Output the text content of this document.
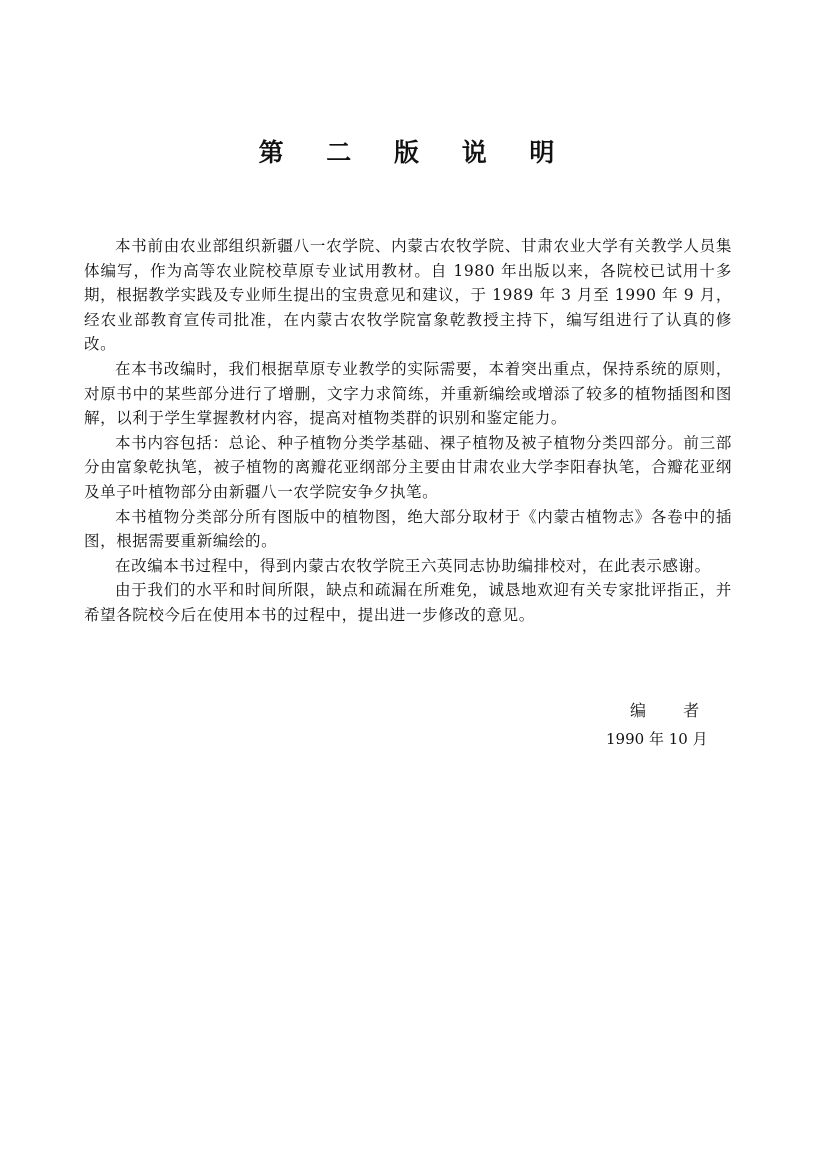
第 二 版 说 明

本书前由农业部组织新疆八一农学院、内蒙古农牧学院、甘肃农业大学有关教学人员集体编写，作为高等农业院校草原专业试用教材。自 1980 年出版以来，各院校已试用十多期，根据教学实践及专业师生提出的宝贵意见和建议，于 1989 年 3 月至 1990 年 9 月，经农业部教育宣传司批准，在内蒙古农牧学院富象乾教授主持下，编写组进行了认真的修改。

在本书改编时，我们根据草原专业教学的实际需要，本着突出重点，保持系统的原则，对原书中的某些部分进行了增删，文字力求简练，并重新编绘或增添了较多的植物插图和图解，以利于学生掌握教材内容，提高对植物类群的识别和鉴定能力。

本书内容包括：总论、种子植物分类学基础、裸子植物及被子植物分类四部分。前三部分由富象乾执笔，被子植物的离瓣花亚纲部分主要由甘肃农业大学李阳春执笔，合瓣花亚纲及单子叶植物部分由新疆八一农学院安争夕执笔。

本书植物分类部分所有图版中的植物图，绝大部分取材于《内蒙古植物志》各卷中的插图，根据需要重新编绘的。

在改编本书过程中，得到内蒙古农牧学院王六英同志协助编排校对，在此表示感谢。

由于我们的水平和时间所限，缺点和疏漏在所难免，诚恳地欢迎有关专家批评指正，并希望各院校今后在使用本书的过程中，提出进一步修改的意见。

编 者

1990 年 10 月
